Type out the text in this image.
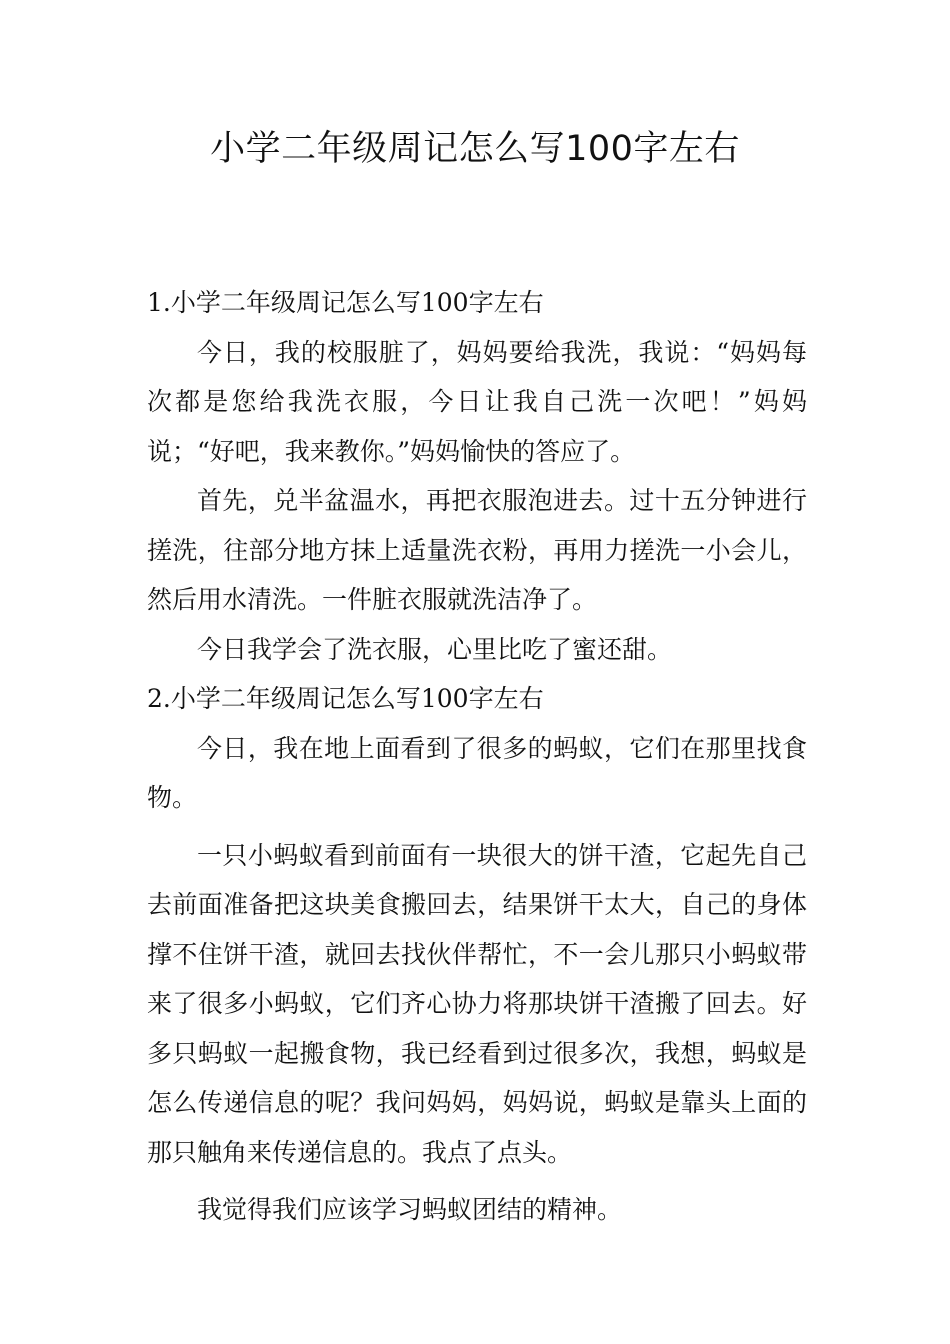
小学二年级周记怎么写100字左右
1.小学二年级周记怎么写100字左右

今日，我的校服脏了，妈妈要给我洗，我说：“妈妈每次都是您给我洗衣服，今日让我自己洗一次吧！”妈妈说；“好吧，我来教你。”妈妈愉快的答应了。

首先，兑半盆温水，再把衣服泡进去。过十五分钟进行搓洗，往部分地方抹上适量洗衣粉，再用力搓洗一小会儿，然后用水清洗。一件脏衣服就洗洁净了。

今日我学会了洗衣服，心里比吃了蜜还甜。

2.小学二年级周记怎么写100字左右

今日，我在地上面看到了很多的蚂蚁，它们在那里找食物。

一只小蚂蚁看到前面有一块很大的饼干渣，它起先自己去前面准备把这块美食搬回去，结果饼干太大，自己的身体撑不住饼干渣，就回去找伙伴帮忙，不一会儿那只小蚂蚁带来了很多小蚂蚁，它们齐心协力将那块饼干渣搬了回去。好多只蚂蚁一起搬食物，我已经看到过很多次，我想，蚂蚁是怎么传递信息的呢？我问妈妈，妈妈说，蚂蚁是靠头上面的那只触角来传递信息的。我点了点头。

我觉得我们应该学习蚂蚁团结的精神。
